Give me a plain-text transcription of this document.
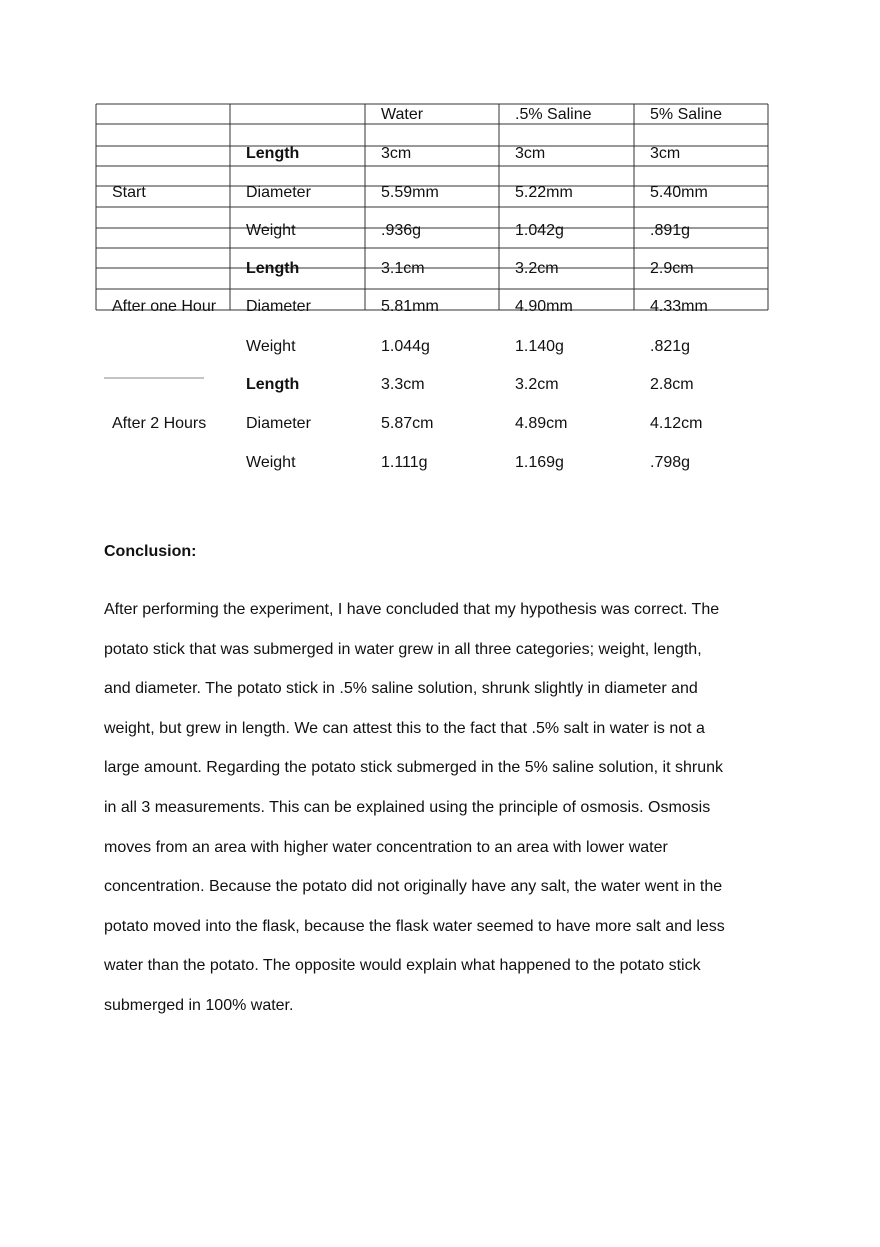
Water	.5% Saline	5% Saline
Start
Length	3cm	3cm	3cm
Diameter	5.59mm	5.22mm	5.40mm
Weight	.936g	1.042g	.891g
After one Hour
Length	3.1cm	3.2cm	2.9cm
Diameter	5.81mm	4.90mm	4.33mm
Weight	1.044g	1.140g	.821g
After 2 Hours
Length	3.3cm	3.2cm	2.8cm
Diameter	5.87cm	4.89cm	4.12cm
Weight	1.111g	1.169g	.798g
Conclusion:

After performing the experiment, I have concluded that my hypothesis was correct. The
potato stick that was submerged in water grew in all three categories; weight, length,
and diameter. The potato stick in .5% saline solution, shrunk slightly in diameter and
weight, but grew in length. We can attest this to the fact that .5% salt in water is not a
large amount. Regarding the potato stick submerged in the 5% saline solution, it shrunk
in all 3 measurements. This can be explained using the principle of osmosis. Osmosis
moves from an area with higher water concentration to an area with lower water
concentration. Because the potato did not originally have any salt, the water went in the
potato moved into the flask, because the flask water seemed to have more salt and less
water than the potato. The opposite would explain what happened to the potato stick
submerged in 100% water.
